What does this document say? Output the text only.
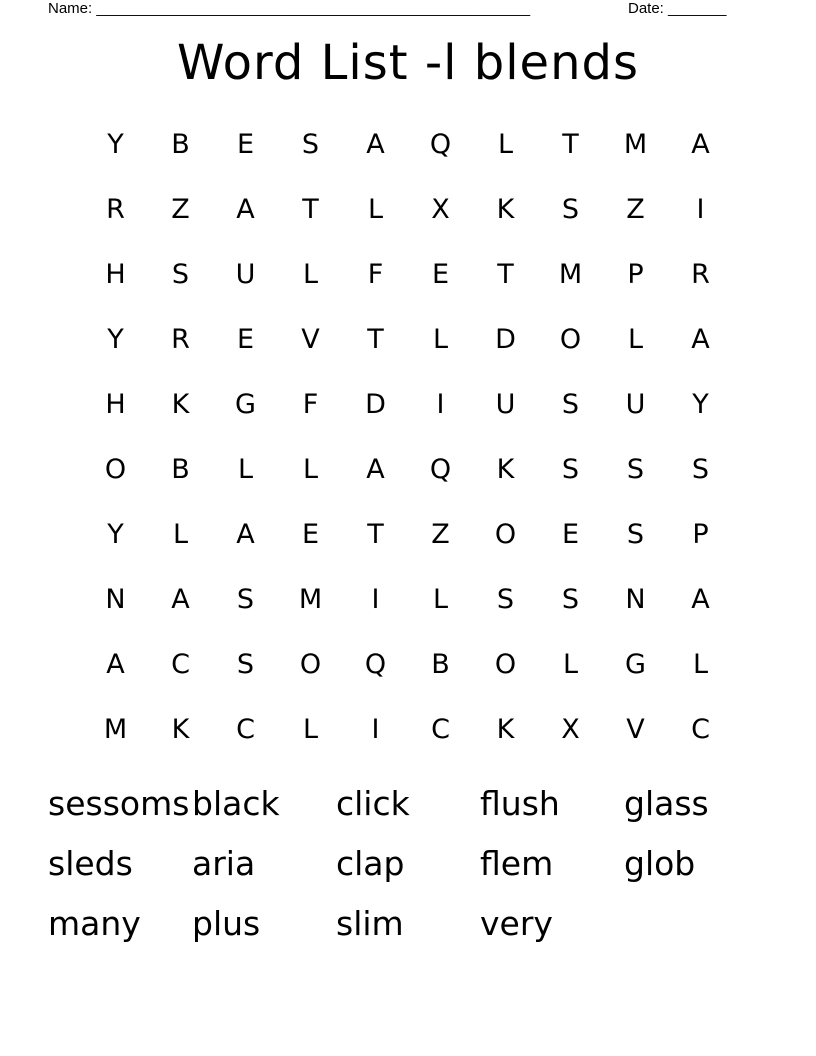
Name: ____________________________________________________	Date: _______
Word List -l blends
Y	B	E	S	A	Q	L	T	M	A
R	Z	A	T	L	X	K	S	Z	I
H	S	U	L	F	E	T	M	P	R
Y	R	E	V	T	L	D	O	L	A
H	K	G	F	D	I	U	S	U	Y
O	B	L	L	A	Q	K	S	S	S
Y	L	A	E	T	Z	O	E	S	P
N	A	S	M	I	L	S	S	N	A
A	C	S	O	Q	B	O	L	G	L
M	K	C	L	I	C	K	X	V	C
sessoms black	click	flush	glass
sleds	aria	clap	flem	glob
many	plus	slim	very
